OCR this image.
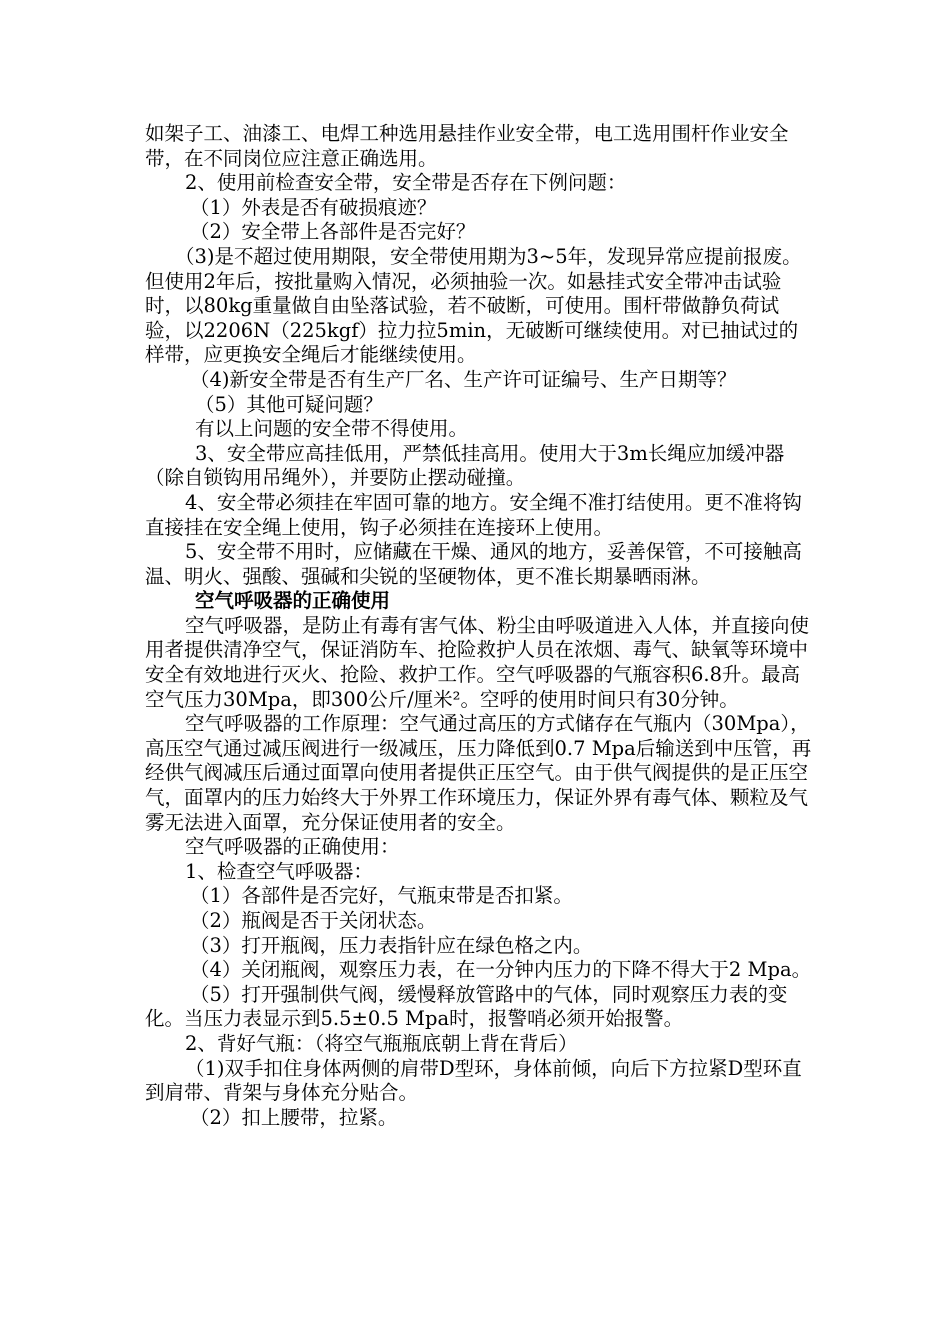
如架子工、油漆工、电焊工种选用悬挂作业安全带，电工选用围杆作业安全带，在不同岗位应注意正确选用。

2、使用前检查安全带，安全带是否存在下例问题：

（1）外表是否有破损痕迹？

（2）安全带上各部件是否完好？

（3)是不超过使用期限，安全带使用期为3~5年，发现异常应提前报废。但使用2年后，按批量购入情况，必须抽验一次。如悬挂式安全带冲击试验时，以80kg重量做自由坠落试验，若不破断，可使用。围杆带做静负荷试验，以2206N（225kgf）拉力拉5min，无破断可继续使用。对已抽试过的样带，应更换安全绳后才能继续使用。

（4)新安全带是否有生产厂名、生产许可证编号、生产日期等？

（5）其他可疑问题？

有以上问题的安全带不得使用。

3、安全带应高挂低用，严禁低挂高用。使用大于3m长绳应加缓冲器（除自锁钩用吊绳外），并要防止摆动碰撞。

4、安全带必须挂在牢固可靠的地方。安全绳不准打结使用。更不准将钩直接挂在安全绳上使用，钩子必须挂在连接环上使用。

5、安全带不用时，应储藏在干燥、通风的地方，妥善保管，不可接触高温、明火、强酸、强碱和尖锐的坚硬物体，更不准长期暴晒雨淋。

空气呼吸器的正确使用

空气呼吸器，是防止有毒有害气体、粉尘由呼吸道进入人体，并直接向使用者提供清净空气，保证消防车、抢险救护人员在浓烟、毒气、缺氧等环境中安全有效地进行灭火、抢险、救护工作。空气呼吸器的气瓶容积6.8升。最高空气压力30Mpa，即300公斤/厘米²。空呼的使用时间只有30分钟。

空气呼吸器的工作原理：空气通过高压的方式储存在气瓶内（30Mpa），高压空气通过减压阀进行一级减压，压力降低到0.7 Mpa后输送到中压管，再经供气阀减压后通过面罩向使用者提供正压空气。由于供气阀提供的是正压空气，面罩内的压力始终大于外界工作环境压力，保证外界有毒气体、颗粒及气雾无法进入面罩，充分保证使用者的安全。

空气呼吸器的正确使用：

1、检查空气呼吸器：

（1）各部件是否完好，气瓶束带是否扣紧。

（2）瓶阀是否于关闭状态。

（3）打开瓶阀，压力表指针应在绿色格之内。

（4）关闭瓶阀，观察压力表，在一分钟内压力的下降不得大于2 Mpa。

（5）打开强制供气阀，缓慢释放管路中的气体，同时观察压力表的变化。当压力表显示到5.5±0.5 Mpa时，报警哨必须开始报警。

2、背好气瓶：（将空气瓶瓶底朝上背在背后）

（1)双手扣住身体两侧的肩带D型环，身体前倾，向后下方拉紧D型环直到肩带、背架与身体充分贴合。

（2）扣上腰带，拉紧。
